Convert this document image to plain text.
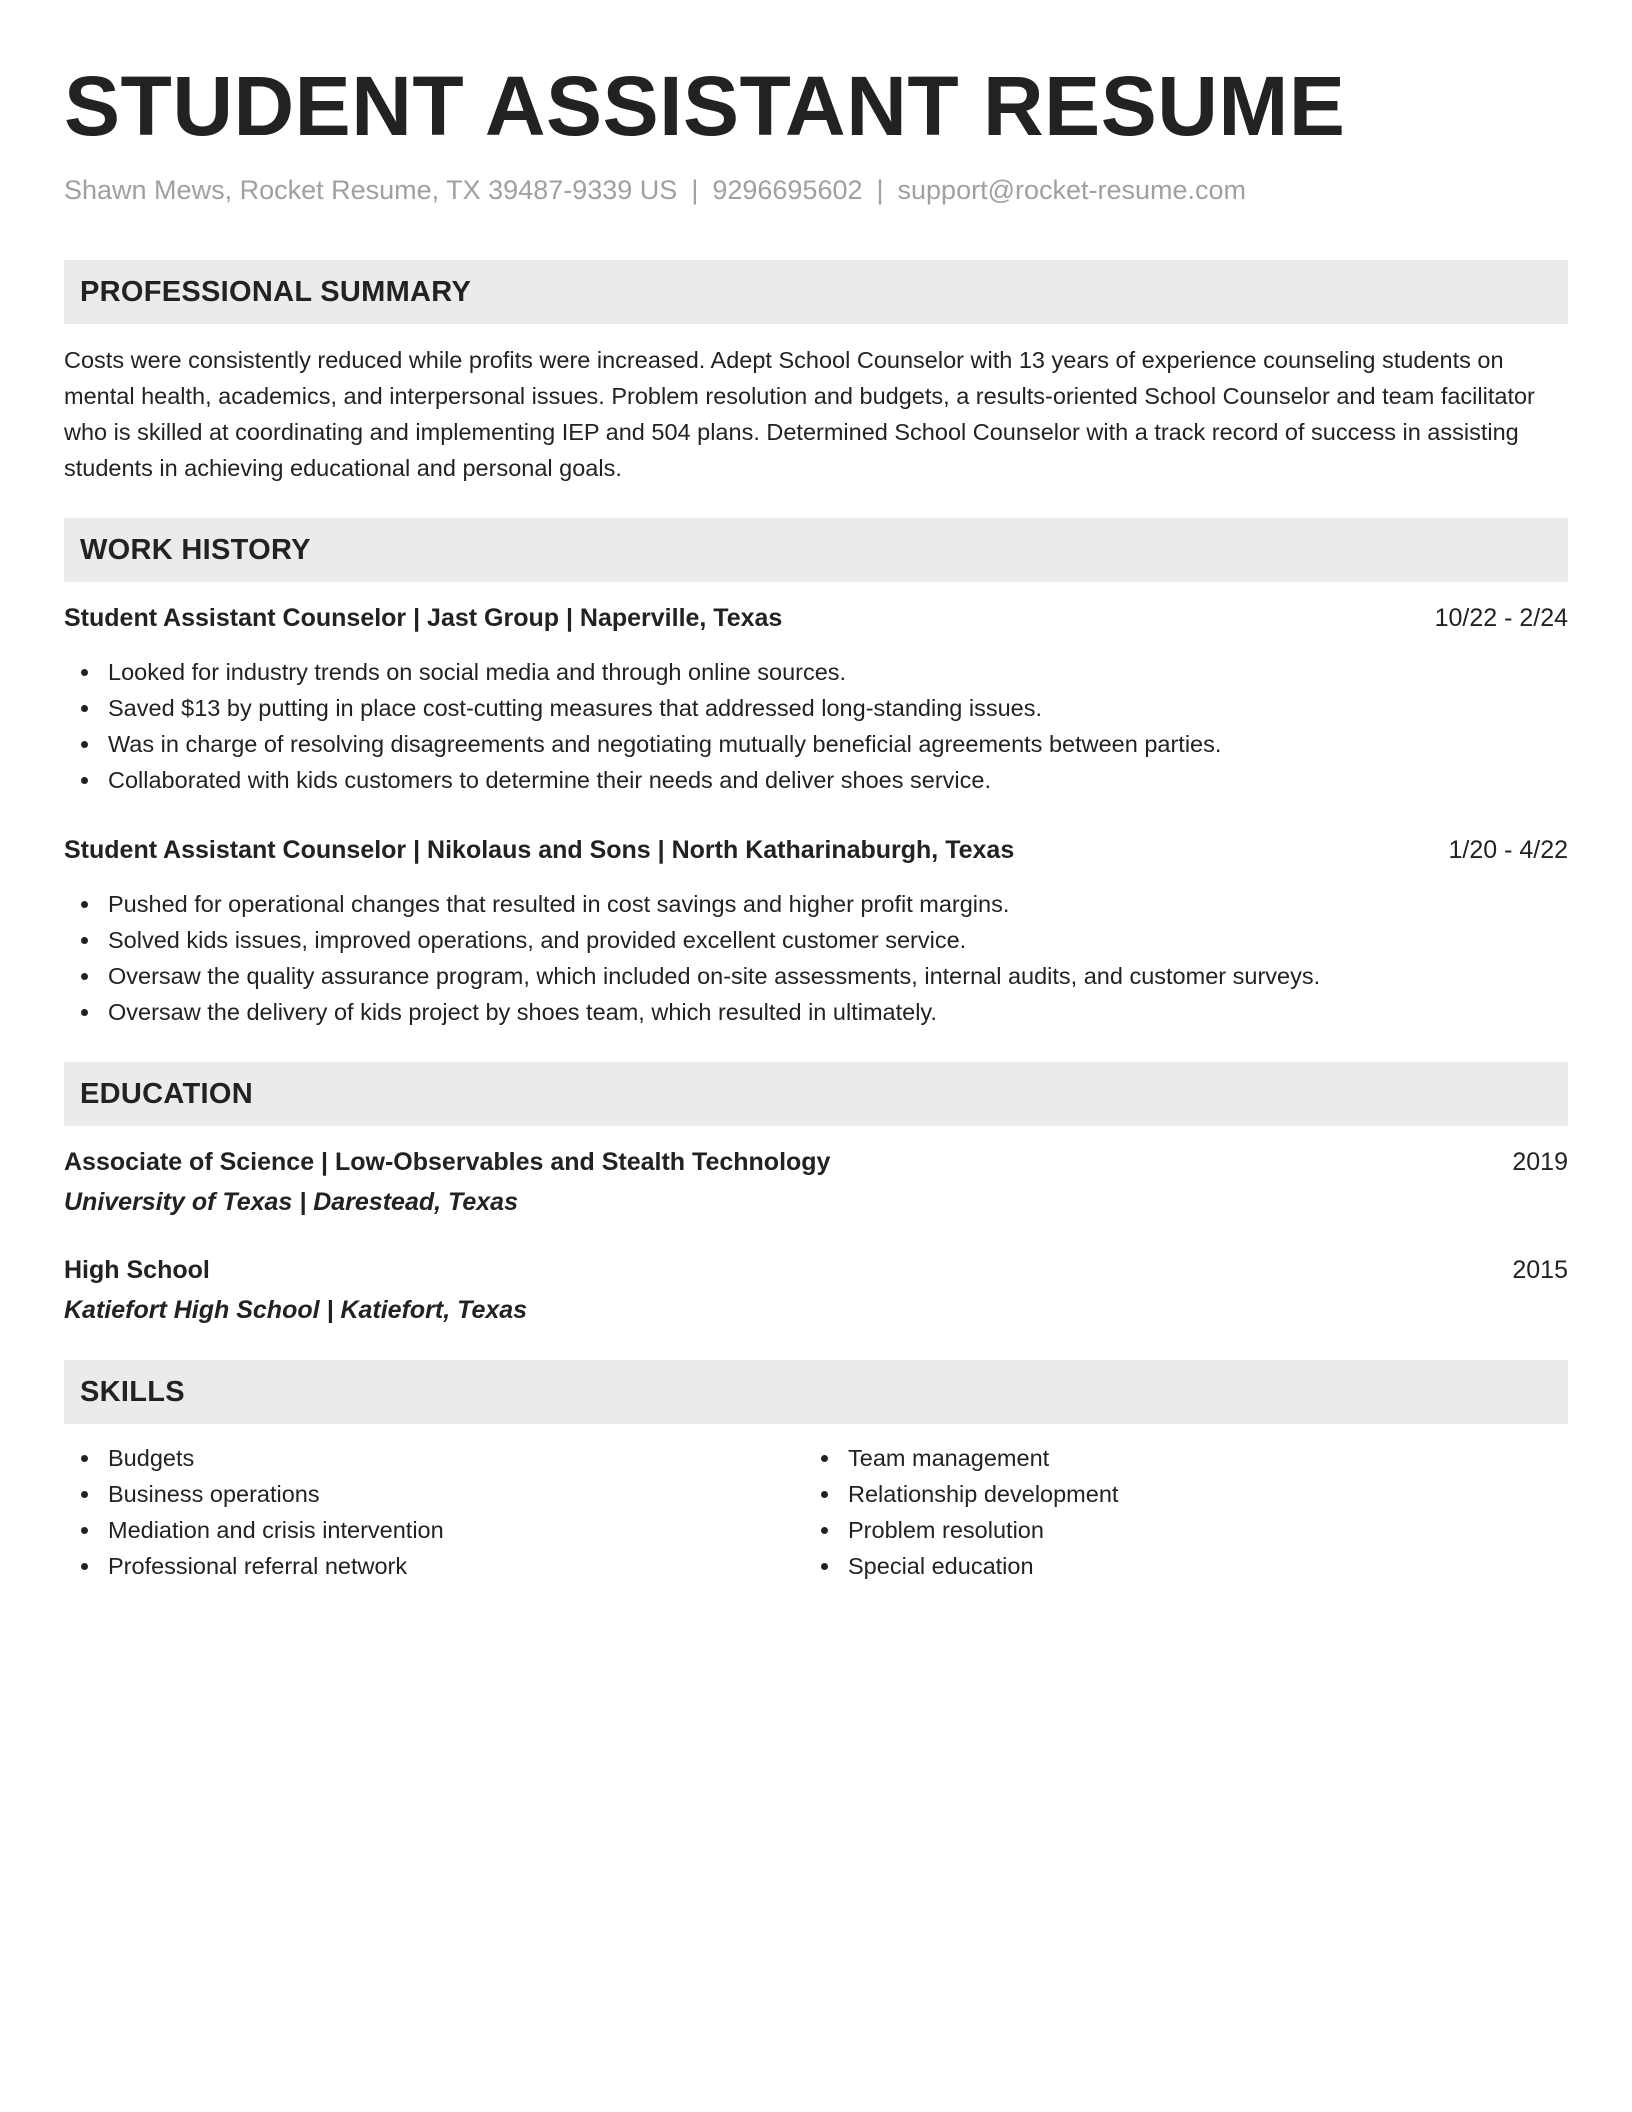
STUDENT ASSISTANT RESUME
Shawn Mews, Rocket Resume, TX 39487-9339 US | 9296695602 | support@rocket-resume.com
PROFESSIONAL SUMMARY

Costs were consistently reduced while profits were increased. Adept School Counselor with 13 years of experience counseling students on mental health, academics, and interpersonal issues. Problem resolution and budgets, a results-oriented School Counselor and team facilitator who is skilled at coordinating and implementing IEP and 504 plans. Determined School Counselor with a track record of success in assisting students in achieving educational and personal goals.

WORK HISTORY
Student Assistant Counselor | Jast Group | Naperville, Texas	10/22 - 2/24
Looked for industry trends on social media and through online sources.
Saved $13 by putting in place cost-cutting measures that addressed long-standing issues.
Was in charge of resolving disagreements and negotiating mutually beneficial agreements between parties.
Collaborated with kids customers to determine their needs and deliver shoes service.
Student Assistant Counselor | Nikolaus and Sons | North Katharinaburgh, Texas	1/20 - 4/22
Pushed for operational changes that resulted in cost savings and higher profit margins.
Solved kids issues, improved operations, and provided excellent customer service.
Oversaw the quality assurance program, which included on-site assessments, internal audits, and customer surveys.
Oversaw the delivery of kids project by shoes team, which resulted in ultimately.
EDUCATION
Associate of Science | Low-Observables and Stealth Technology	2019
University of Texas | Darestead, Texas
High School	2015
Katiefort High School | Katiefort, Texas
SKILLS
Budgets
Business operations
Mediation and crisis intervention
Professional referral network
Team management
Relationship development
Problem resolution
Special education
